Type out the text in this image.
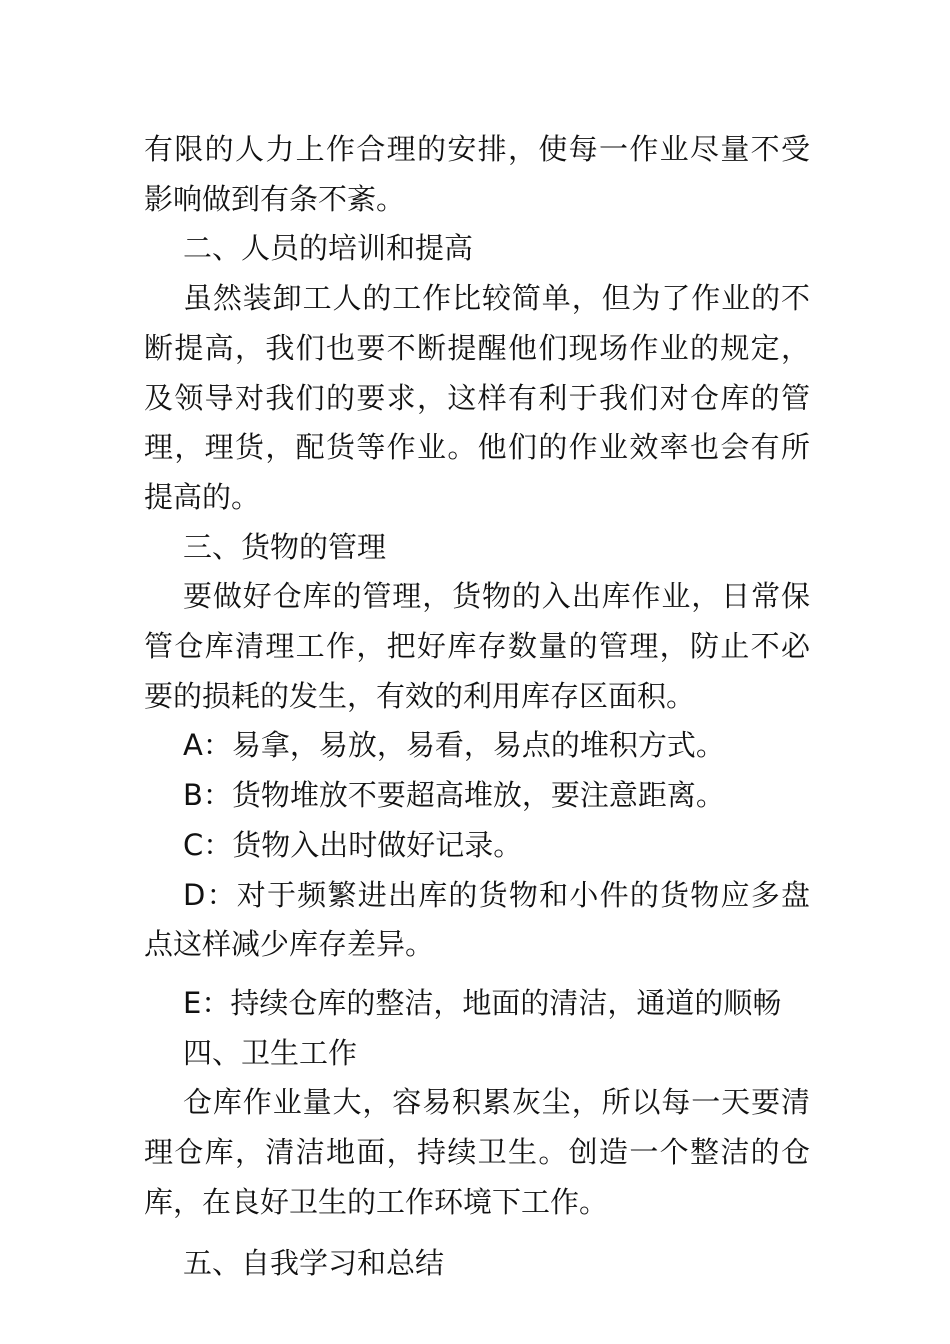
有限的人力上作合理的安排，使每一作业尽量不受影响做到有条不紊。

二、人员的培训和提高

虽然装卸工人的工作比较简单，但为了作业的不断提高，我们也要不断提醒他们现场作业的规定，及领导对我们的要求，这样有利于我们对仓库的管理，理货，配货等作业。他们的作业效率也会有所提高的。

三、货物的管理

要做好仓库的管理，货物的入出库作业，日常保管仓库清理工作，把好库存数量的管理，防止不必要的损耗的发生，有效的利用库存区面积。

A：易拿，易放，易看，易点的堆积方式。

B：货物堆放不要超高堆放，要注意距离。

C：货物入出时做好记录。

D：对于频繁进出库的货物和小件的货物应多盘点这样减少库存差异。

E：持续仓库的整洁，地面的清洁，通道的顺畅

四、卫生工作

仓库作业量大，容易积累灰尘，所以每一天要清理仓库，清洁地面，持续卫生。创造一个整洁的仓库，在良好卫生的工作环境下工作。

五、自我学习和总结
